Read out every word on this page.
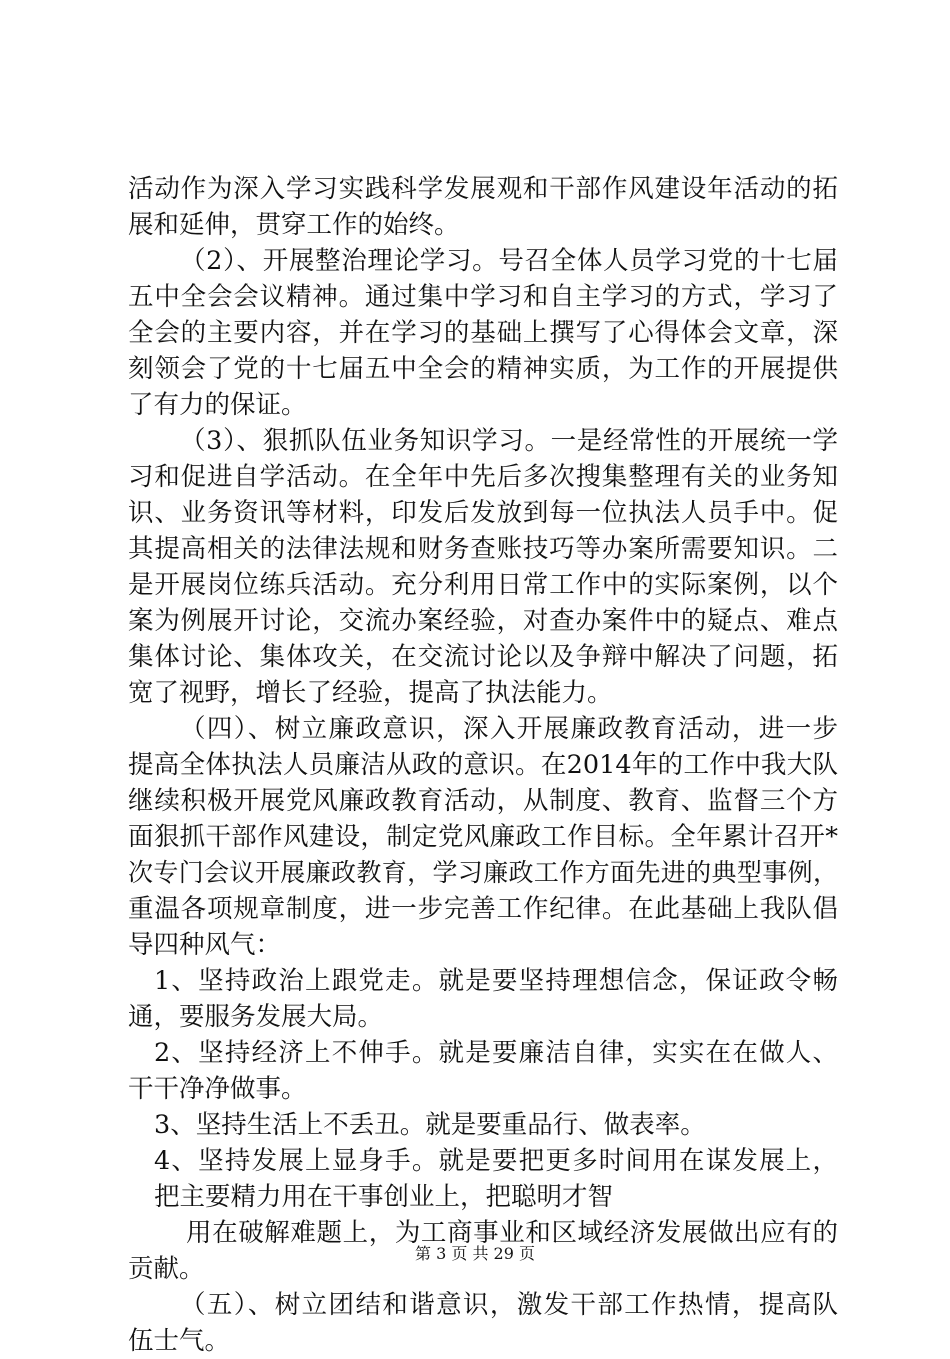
活动作为深入学习实践科学发展观和干部作风建设年活动的拓
展和延伸，贯穿工作的始终。
（2）、开展整治理论学习。号召全体人员学习党的十七届
五中全会会议精神。通过集中学习和自主学习的方式，学习了
全会的主要内容，并在学习的基础上撰写了心得体会文章，深
刻领会了党的十七届五中全会的精神实质，为工作的开展提供
了有力的保证。
（3）、狠抓队伍业务知识学习。一是经常性的开展统一学
习和促进自学活动。在全年中先后多次搜集整理有关的业务知
识、业务资讯等材料，印发后发放到每一位执法人员手中。促
其提高相关的法律法规和财务查账技巧等办案所需要知识。二
是开展岗位练兵活动。充分利用日常工作中的实际案例，以个
案为例展开讨论，交流办案经验，对查办案件中的疑点、难点
集体讨论、集体攻关，在交流讨论以及争辩中解决了问题，拓
宽了视野，增长了经验，提高了执法能力。
（四）、树立廉政意识，深入开展廉政教育活动，进一步
提高全体执法人员廉洁从政的意识。在2014年的工作中我大队
继续积极开展党风廉政教育活动，从制度、教育、监督三个方
面狠抓干部作风建设，制定党风廉政工作目标。全年累计召开*
次专门会议开展廉政教育，学习廉政工作方面先进的典型事例，
重温各项规章制度，进一步完善工作纪律。在此基础上我队倡
导四种风气：
1、坚持政治上跟党走。就是要坚持理想信念，保证政令畅
通，要服务发展大局。
2、坚持经济上不伸手。就是要廉洁自律，实实在在做人、
干干净净做事。
3、坚持生活上不丢丑。就是要重品行、做表率。
4、坚持发展上显身手。就是要把更多时间用在谋发展上，
把主要精力用在干事创业上，把聪明才智
用在破解难题上，为工商事业和区域经济发展做出应有的
贡献。
（五）、树立团结和谐意识，激发干部工作热情，提高队
伍士气。
第 3 页 共 29 页
